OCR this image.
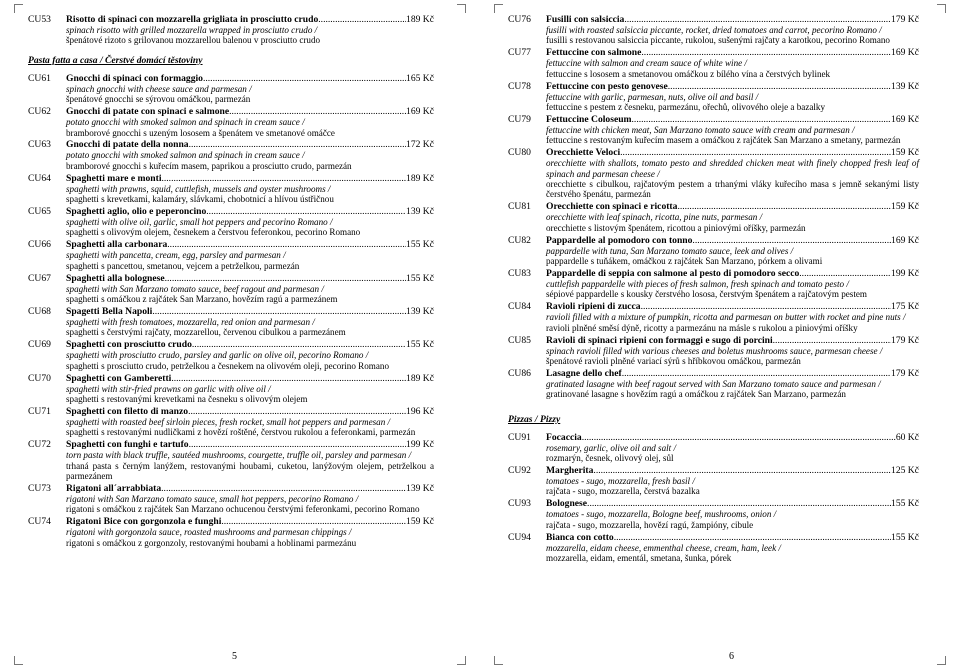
CU53	Risotto di spinaci con mozzarella grigliata in prosciutto crudo .....	189 Kč
spinach risotto with grilled mozzarella wrapped in prosciutto crudo /
špenátové rizoto s grilovanou mozzarellou balenou v prosciutto crudo
Pasta fatta a casa / Čerstvé domácí těstoviny
CU61	Gnocchi di spinaci con formaggio .....	165 Kč
spinach gnocchi with cheese sauce and parmesan /
špenátové gnocchi se sýrovou omáčkou, parmezán
CU62	Gnocchi di patate con spinaci e salmone .....	169 Kč
potato gnocchi with smoked salmon and spinach in cream sauce /
bramborové gnocchi s uzeným lososem a špenátem ve smetanové omáčce
CU63	Gnocchi di patate della nonna .....	172 Kč
potato gnocchi with smoked salmon and spinach in cream sauce /
bramborové gnocchi s kuřecím masem, paprikou a prosciutto crudo, parmezán
CU64	Spaghetti mare e monti .....	189 Kč
spaghetti with prawns, squid, cuttlefish, mussels and oyster mushrooms /
spaghetti s krevetkami, kalamáry, slávkami, chobotnicí a hlívou ústřičnou
CU65	Spaghetti aglio, olio e peperoncino .....	139 Kč
spaghetti with olive oil, garlic, small hot peppers and pecorino Romano /
spaghetti s olivovým olejem, česnekem a čerstvou feferonkou, pecorino Romano
CU66	Spaghetti alla carbonara .....	155 Kč
spaghetti with pancetta, cream, egg, parsley and parmesan /
spaghetti s pancettou, smetanou, vejcem a petrželkou, parmezán
CU67	Spaghetti alla bolognese .....	155 Kč
spaghetti with San Marzano tomato sauce, beef ragout and parmesan /
spaghetti s omáčkou z rajčátek San Marzano, hovězím ragú a parmezánem
CU68	Spagetti Bella Napoli .....	139 Kč
spaghetti with fresh tomatoes, mozzarella, red onion and parmesan /
spaghetti s čerstvými rajčaty, mozzarellou, červenou cibulkou a parmezánem
CU69	Spaghetti con prosciutto crudo .....	155 Kč
spaghetti with prosciutto crudo, parsley and garlic on olive oil, pecorino Romano /
spaghetti s prosciutto crudo, petrželkou a česnekem na olivovém oleji, pecorino Romano
CU70	Spaghetti con Gamberetti .....	189 Kč
spaghetti with stir-fried prawns on garlic with olive oil /
spaghetti s restovanými krevetkami na česneku s olivovým olejem
CU71	Spaghetti con filetto di manzo .....	196 Kč
spaghetti with roasted beef sirloin pieces, fresh rocket, small hot peppers and parmesan /
spaghetti s restovanými nudličkami z hovězí roštěné, čerstvou rukolou a feferonkami, parmezán
CU72	Spaghetti con funghi e tartufo .....	199 Kč
torn pasta with black truffle, sautéed mushrooms, courgette, truffle oil, parsley and parmesan /
trhaná pasta s černým lanýžem, restovanými houbami, cuketou, lanýžovým olejem, petrželkou a parmezánem
CU73	Rigatoni all´arrabbiata .....	139 Kč
rigatoni with San Marzano tomato sauce, small hot peppers, pecorino Romano /
rigatoni s omáčkou z rajčátek San Marzano ochucenou čerstvými feferonkami, pecorino Romano
CU74	Rigatoni Bice con gorgonzola e funghi .....	159 Kč
rigatoni with gorgonzola sauce, roasted mushrooms and parmesan chippings /
rigatoni s omáčkou z gorgonzoly, restovanými houbami a hoblinami parmezánu
5
CU76	Fusilli con salsiccia .....	179 Kč
fusilli with roasted salsiccia piccante, rocket, dried tomatoes and carrot, pecorino Romano /
fusilli s restovanou salsiccia piccante, rukolou, sušenými rajčaty a karotkou, pecorino Romano
CU77	Fettuccine con salmone .....	169 Kč
fettuccine with salmon and cream sauce of white wine /
fettuccine s lososem a smetanovou omáčkou z bílého vína a čerstvých bylinek
CU78	Fettuccine con pesto genovese .....	139 Kč
fettuccine with garlic, parmesan, nuts, olive oil and basil /
fettuccine s pestem z česneku, parmezánu, ořechů, olivového oleje a bazalky
CU79	Fettuccine Coloseum .....	169 Kč
fettuccine with chicken meat, San Marzano tomato sauce with cream and parmesan /
fettuccine s restovaným kuřecím masem a omáčkou z rajčátek San Marzano a smetany, parmezán
CU80	Orecchiette Veloci .....	159 Kč
orecchiette with shallots, tomato pesto and shredded chicken meat with finely chopped fresh leaf of spinach and parmesan cheese /
orecchiette s cibulkou, rajčatovým pestem a trhanými vláky kuřecího masa s jemně sekanými listy čerstvého špenátu, parmezán
CU81	Orecchiette con spinaci e ricotta .....	159 Kč
orecchiette with leaf spinach, ricotta, pine nuts, parmesan /
orecchiette s listovým špenátem, ricottou a piniovými oříšky, parmezán
CU82	Pappardelle al pomodoro con tonno .....	169 Kč
pappardelle with tuna, San Marzano tomato sauce, leek and olives /
pappardelle s tuňákem, omáčkou z rajčátek San Marzano, pórkem a olivami
CU83	Pappardelle di seppia con salmone al pesto di pomodoro secco .....	199 Kč
cuttlefish pappardelle with pieces of fresh salmon, fresh spinach and tomato pesto /
sépiové pappardelle s kousky čerstvého lososa, čerstvým špenátem a rajčatovým pestem
CU84	Ravioli ripieni di zucca .....	175 Kč
ravioli filled with a mixture of pumpkin, ricotta and parmesan on butter with rocket and pine nuts /
ravioli plněné směsí dýně, ricotty a parmezánu na másle s rukolou a piniovými oříšky
CU85	Ravioli di spinaci ripieni con formaggi e sugo di porcini .....	179 Kč
spinach ravioli filled with various cheeses and boletus mushrooms sauce, parmesan cheese /
špenátové ravioli plněné variací sýrů s hříbkovou omáčkou, parmezán
CU86	Lasagne dello chef .....	179 Kč
gratinated lasagne with beef ragout served with San Marzano tomato sauce and parmesan /
gratinované lasagne s hovězím ragú a omáčkou z rajčátek San Marzano, parmezán
Pizzas / Pizzy
CU91	Focaccia .....	60 Kč
rosemary, garlic, olive oil and salt /
rozmarýn, česnek, olivový olej, sůl
CU92	Margherita .....	125 Kč
tomatoes - sugo, mozzarella, fresh basil /
rajčata - sugo, mozzarella, čerstvá bazalka
CU93	Bolognese .....	155 Kč
tomatoes - sugo, mozzarella, Bologne beef, mushrooms, onion /
rajčata - sugo, mozzarella, hovězí ragú, žampióny, cibule
CU94	Bianca con cotto .....	155 Kč
mozzarella, eidam cheese, emmenthal cheese, cream, ham, leek /
mozzarella, eidam, ementál, smetana, šunka, pórek
6
